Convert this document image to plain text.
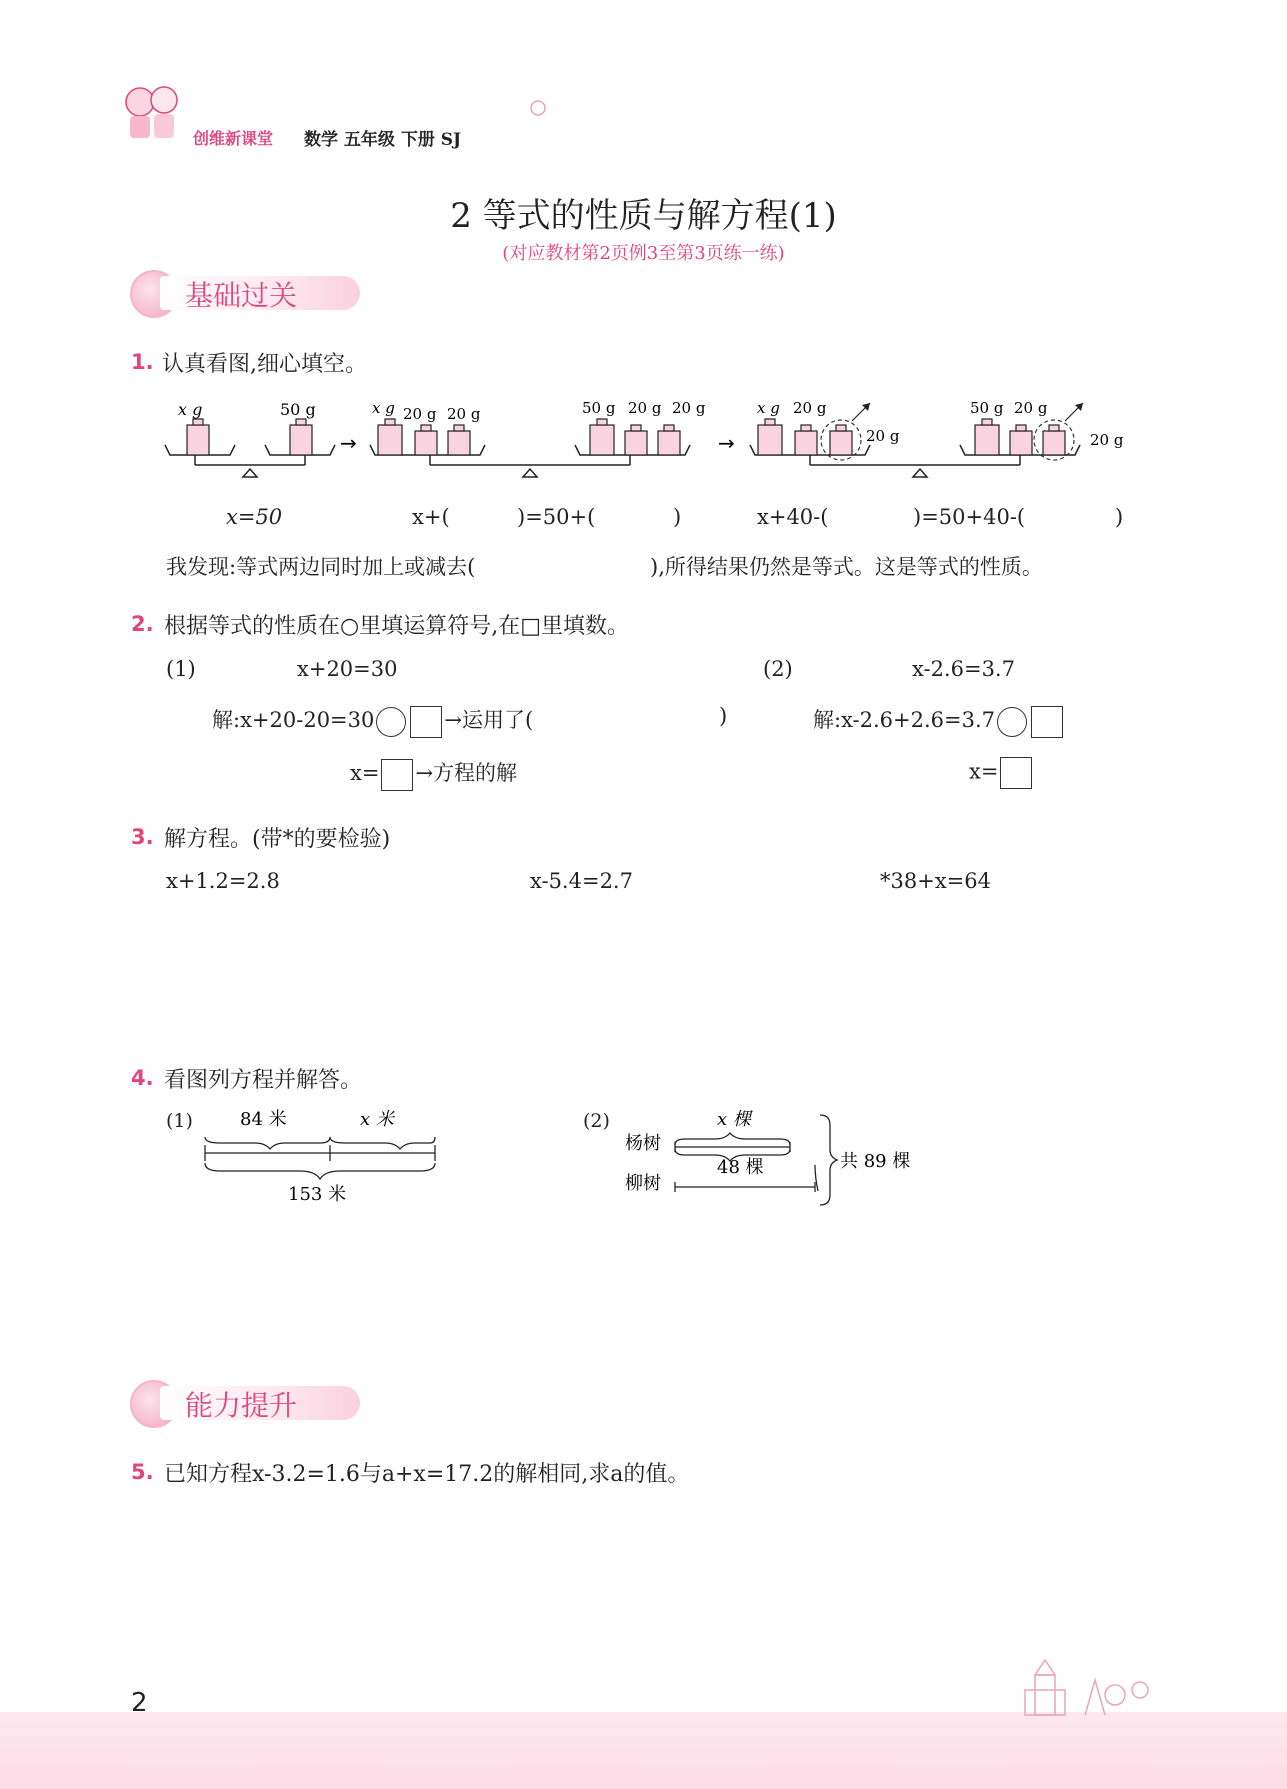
创维新课堂 数学 五年级 下册 SJ
2 等式的性质与解方程(1)
(对应教材第2页例3至第3页练一练)
基础过关
1. 认真看图,细心填空。
x g	50 g
→
x g 20 g 20 g	50 g 20 g 20 g
→
x g 20 g
20 g
50 g 20 g
20 g
x=50	x+(	)=50+(	)	x+40-(	)=50+40-(	)
我发现:等式两边同时加上或减去(	),所得结果仍然是等式。这是等式的性质。
2. 根据等式的性质在○里填运算符号,在□里填数。
(1)	x+20=30	(2)	x-2.6=3.7
解:x+20-20=30	→运用了(	)	解:x-2.6+2.6=3.7
x= →方程的解	x=
3. 解方程。(带*的要检验)
x+1.2=2.8	x-5.4=2.7	*38+x=64
4. 看图列方程并解答。
(1)	84 米	x 米
153 米
(2)
杨树
柳树
x 棵
48 棵	共 89 棵
能力提升
5. 已知方程x-3.2=1.6与a+x=17.2的解相同,求a的值。
2
